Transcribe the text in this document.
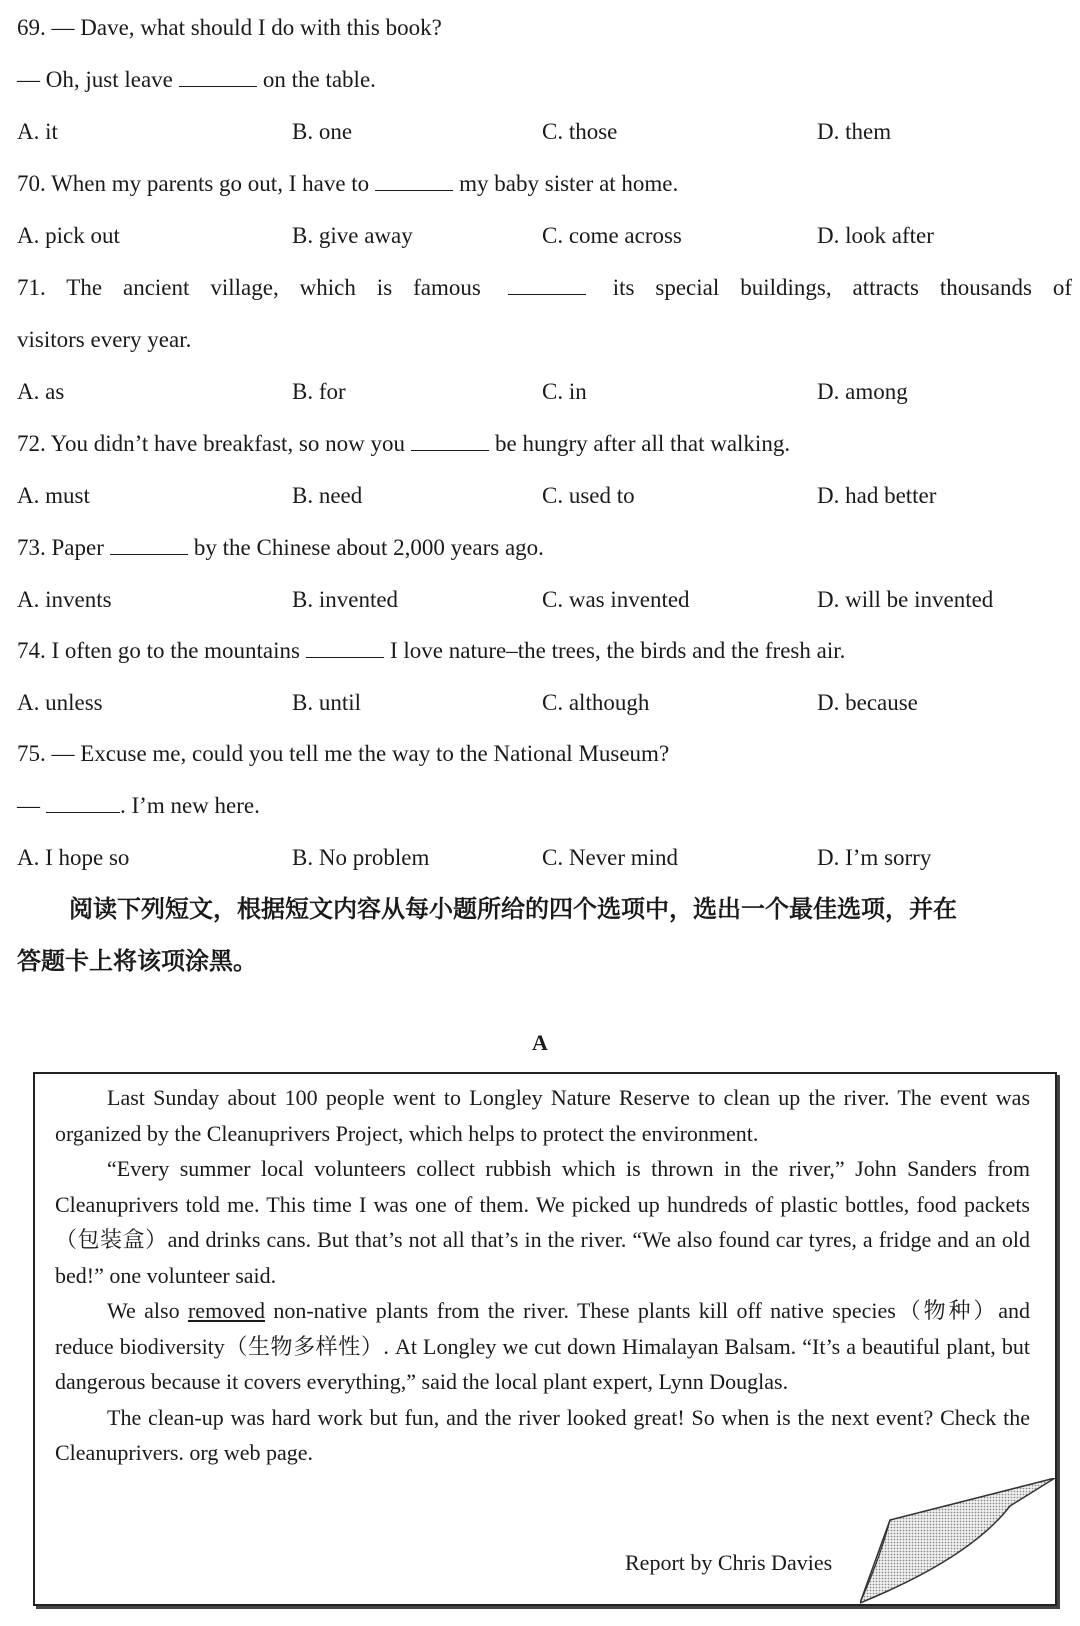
69. — Dave, what should I do with this book?
— Oh, just leave	on the table.
A. it	B. one	C. those	D. them
70. When my parents go out, I have to	my baby sister at home.
A. pick out	B. give away	C. come across	D. look after
71. The ancient village, which is famous	its special buildings, attracts thousands of
visitors every year.
A. as	B. for	C. in	D. among
72. You didn’t have breakfast, so now you	be hungry after all that walking.
A. must	B. need	C. used to	D. had better
73. Paper	by the Chinese about 2,000 years ago.
A. invents	B. invented	C. was invented	D. will be invented
74. I often go to the mountains	I love nature–the trees, the birds and the fresh air.
A. unless	B. until	C. although	D. because
75. — Excuse me, could you tell me the way to the National Museum?
—	. I’m new here.
A. I hope so	B. No problem	C. Never mind	D. I’m sorry

阅读下列短文，根据短文内容从每小题所给的四个选项中，选出一个最佳选项，并在

答题卡上将该项涂黑。

A

Last Sunday about 100 people went to Longley Nature Reserve to clean up the river. The event was organized by the Cleanuprivers Project, which helps to protect the environment.

“Every summer local volunteers collect rubbish which is thrown in the river,” John Sanders from Cleanuprivers told me. This time I was one of them. We picked up hundreds of plastic bottles, food packets（包装盒）and drinks cans. But that’s not all that’s in the river. “We also found car tyres, a fridge and an old bed!” one volunteer said.

We also removed non-native plants from the river. These plants kill off native species（物种）and reduce biodiversity（生物多样性）. At Longley we cut down Himalayan Balsam. “It’s a beautiful plant, but dangerous because it covers everything,” said the local plant expert, Lynn Douglas.

The clean-up was hard work but fun, and the river looked great! So when is the next event? Check the Cleanuprivers. org web page.

Report by Chris Davies
